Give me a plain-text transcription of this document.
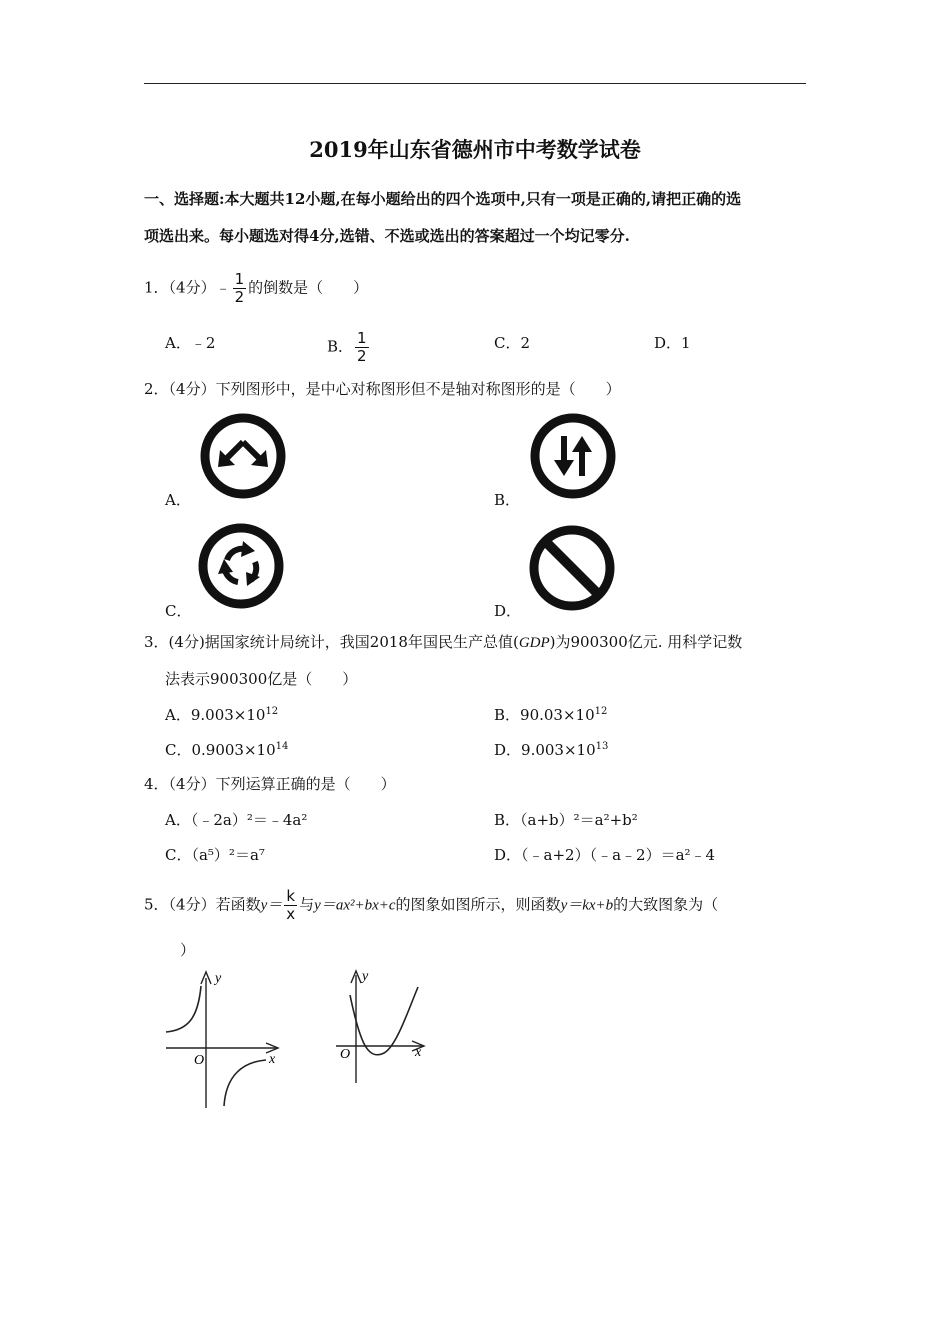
2019年山东省德州市中考数学试卷
一、选择题:本大题共12小题,在每小题给出的四个选项中,只有一项是正确的,请把正确的选
项选出来。每小题选对得4分,选错、不选或选出的答案超过一个均记零分.
1．（4分）﹣ $\frac{1}{2}$ 的倒数是（　　）
A．﹣2	B． $\frac{1}{2}$	C．2	D．1
2．（4分）下列图形中，是中心对称图形但不是轴对称图形的是（　　）
A．	B．
C．	D．
3．(4分)据国家统计局统计，我国2018年国民生产总值(GDP)为900300亿元. 用科学记数
法表示900300亿是（　　）
A．$9.003\times 10^{12}$	B．$90.03\times 10^{12}$
C．$0.9003\times 10^{14}$	D．$9.003\times 10^{13}$
4．（4分）下列运算正确的是（　　）
A．（﹣2a）²＝﹣4a²	B．（a+b）²＝a²+b²
C．（a⁵）²＝a⁷	D．（﹣a+2）（﹣a﹣2）＝a²﹣4
5．（4分）若函数$y= \frac{k}{x}$ 与y＝ax²+bx+c的图象如图所示，则函数y＝kx+b的大致图象为（
）
y
x
O
y
x
O
